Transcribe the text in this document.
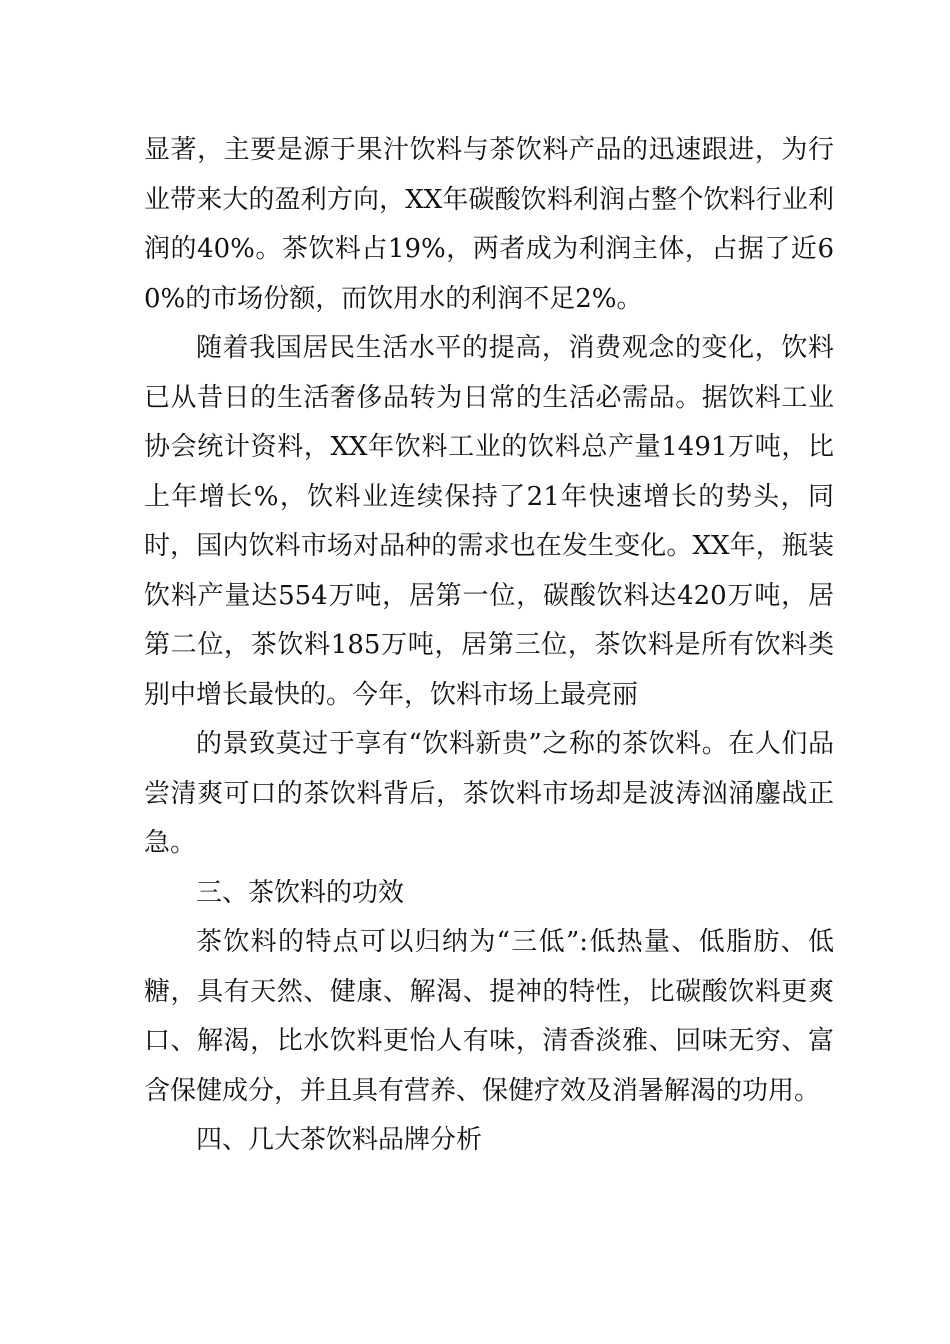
显著，主要是源于果汁饮料与茶饮料产品的迅速跟进，为行业带来大的盈利方向，XX年碳酸饮料利润占整个饮料行业利润的40%。茶饮料占19%，两者成为利润主体，占据了近60%的市场份额，而饮用水的利润不足2%。

随着我国居民生活水平的提高，消费观念的变化，饮料已从昔日的生活奢侈品转为日常的生活必需品。据饮料工业协会统计资料，XX年饮料工业的饮料总产量1491万吨，比上年增长%，饮料业连续保持了21年快速增长的势头，同时，国内饮料市场对品种的需求也在发生变化。XX年，瓶装饮料产量达554万吨，居第一位，碳酸饮料达420万吨，居第二位，茶饮料185万吨，居第三位，茶饮料是所有饮料类别中增长最快的。今年，饮料市场上最亮丽

的景致莫过于享有“饮料新贵”之称的茶饮料。在人们品尝清爽可口的茶饮料背后，茶饮料市场却是波涛汹涌鏖战正急。

三、茶饮料的功效

茶饮料的特点可以归纳为“三低”:低热量、低脂肪、低糖，具有天然、健康、解渴、提神的特性，比碳酸饮料更爽口、解渴，比水饮料更怡人有味，清香淡雅、回味无穷、富含保健成分，并且具有营养、保健疗效及消暑解渴的功用。

四、几大茶饮料品牌分析
